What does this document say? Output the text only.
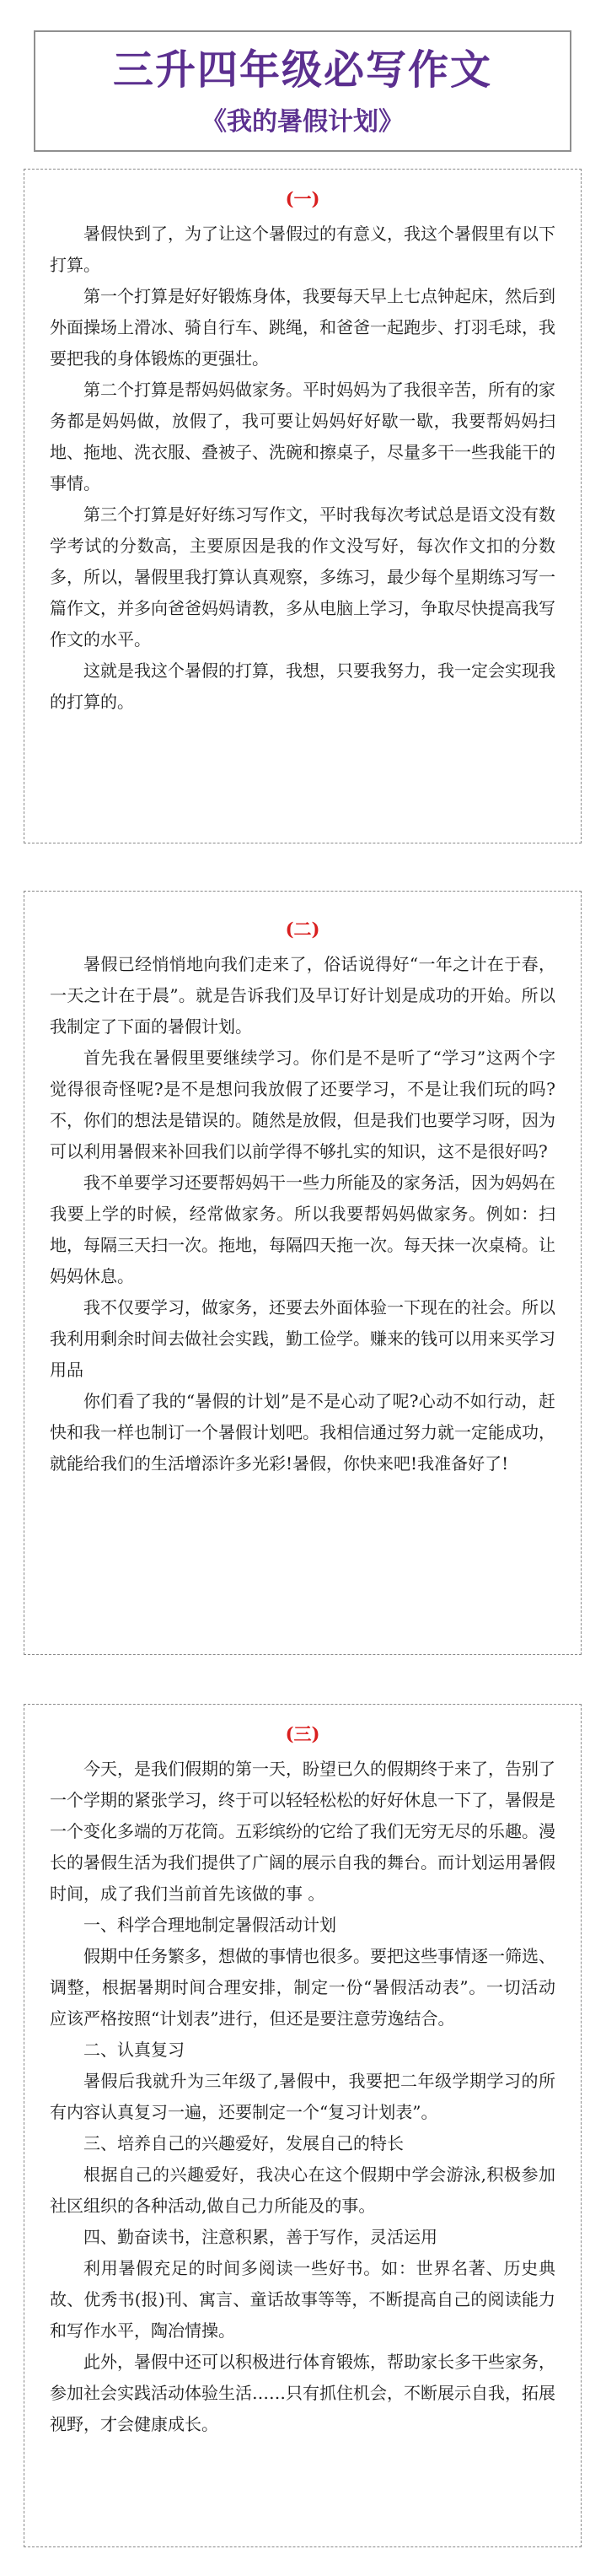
三升四年级必写作文
《我的暑假计划》
(一)

暑假快到了，为了让这个暑假过的有意义，我这个暑假里有以下打算。

第一个打算是好好锻炼身体，我要每天早上七点钟起床，然后到外面操场上滑冰、骑自行车、跳绳，和爸爸一起跑步、打羽毛球，我要把我的身体锻炼的更强壮。

第二个打算是帮妈妈做家务。平时妈妈为了我很辛苦，所有的家务都是妈妈做，放假了，我可要让妈妈好好歇一歇，我要帮妈妈扫地、拖地、洗衣服、叠被子、洗碗和擦桌子，尽量多干一些我能干的事情。

第三个打算是好好练习写作文，平时我每次考试总是语文没有数学考试的分数高，主要原因是我的作文没写好，每次作文扣的分数多，所以，暑假里我打算认真观察，多练习，最少每个星期练习写一篇作文，并多向爸爸妈妈请教，多从电脑上学习，争取尽快提高我写作文的水平。

这就是我这个暑假的打算，我想，只要我努力，我一定会实现我的打算的。

(二)

暑假已经悄悄地向我们走来了，俗话说得好“一年之计在于春，一天之计在于晨”。就是告诉我们及早订好计划是成功的开始。所以我制定了下面的暑假计划。

首先我在暑假里要继续学习。你们是不是听了“学习”这两个字觉得很奇怪呢?是不是想问我放假了还要学习，不是让我们玩的吗?不，你们的想法是错误的。随然是放假，但是我们也要学习呀，因为可以利用暑假来补回我们以前学得不够扎实的知识，这不是很好吗?

我不单要学习还要帮妈妈干一些力所能及的家务活，因为妈妈在我要上学的时候，经常做家务。所以我要帮妈妈做家务。例如：扫地，每隔三天扫一次。拖地，每隔四天拖一次。每天抹一次桌椅。让妈妈休息。

我不仅要学习，做家务，还要去外面体验一下现在的社会。所以我利用剩余时间去做社会实践，勤工俭学。赚来的钱可以用来买学习用品

你们看了我的“暑假的计划”是不是心动了呢?心动不如行动，赶快和我一样也制订一个暑假计划吧。我相信通过努力就一定能成功，就能给我们的生活增添许多光彩!暑假，你快来吧!我准备好了!

(三)

今天，是我们假期的第一天，盼望已久的假期终于来了，告别了一个学期的紧张学习，终于可以轻轻松松的好好休息一下了，暑假是一个变化多端的万花筒。五彩缤纷的它给了我们无穷无尽的乐趣。漫长的暑假生活为我们提供了广阔的展示自我的舞台。而计划运用暑假时间，成了我们当前首先该做的事 。

一、科学合理地制定暑假活动计划

假期中任务繁多，想做的事情也很多。要把这些事情逐一筛选、调整，根据暑期时间合理安排，制定一份“暑假活动表”。一切活动应该严格按照“计划表”进行，但还是要注意劳逸结合。

二、认真复习

暑假后我就升为三年级了,暑假中，我要把二年级学期学习的所有内容认真复习一遍，还要制定一个“复习计划表”。

三、培养自己的兴趣爱好，发展自己的特长

根据自己的兴趣爱好，我决心在这个假期中学会游泳,积极参加社区组织的各种活动,做自己力所能及的事。

四、勤奋读书，注意积累，善于写作，灵活运用

利用暑假充足的时间多阅读一些好书。如：世界名著、历史典故、优秀书(报)刊、寓言、童话故事等等，不断提高自己的阅读能力和写作水平，陶冶情操。

此外，暑假中还可以积极进行体育锻炼，帮助家长多干些家务，参加社会实践活动体验生活……只有抓住机会，不断展示自我，拓展视野，才会健康成长。
